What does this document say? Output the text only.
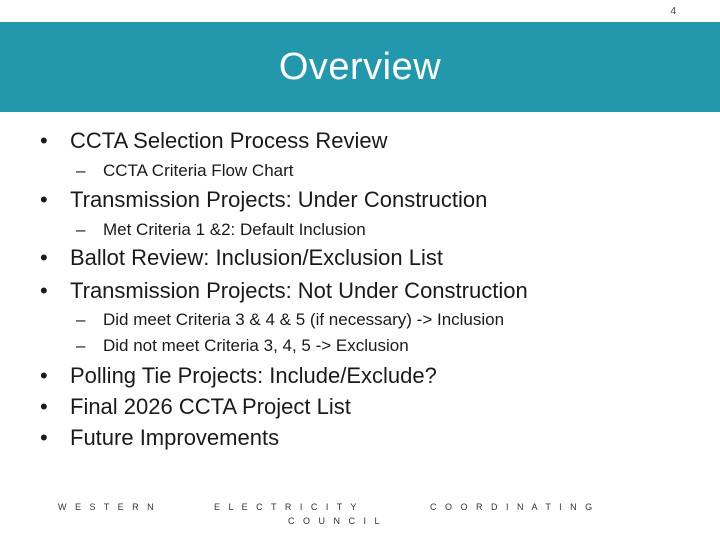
4
Overview
• CCTA Selection Process Review
– CCTA Criteria Flow Chart
• Transmission Projects: Under Construction
– Met Criteria 1 &2: Default Inclusion
• Ballot Review: Inclusion/Exclusion List
• Transmission Projects: Not Under Construction
– Did meet Criteria 3 & 4 & 5 (if necessary) -> Inclusion
– Did not meet Criteria 3, 4, 5 -> Exclusion
• Polling Tie Projects: Include/Exclude?
• Final 2026 CCTA Project List
• Future Improvements
W E S T E R N	E L E C T R I C I T Y	C O O R D I N A T I N G
C O U N C I L
